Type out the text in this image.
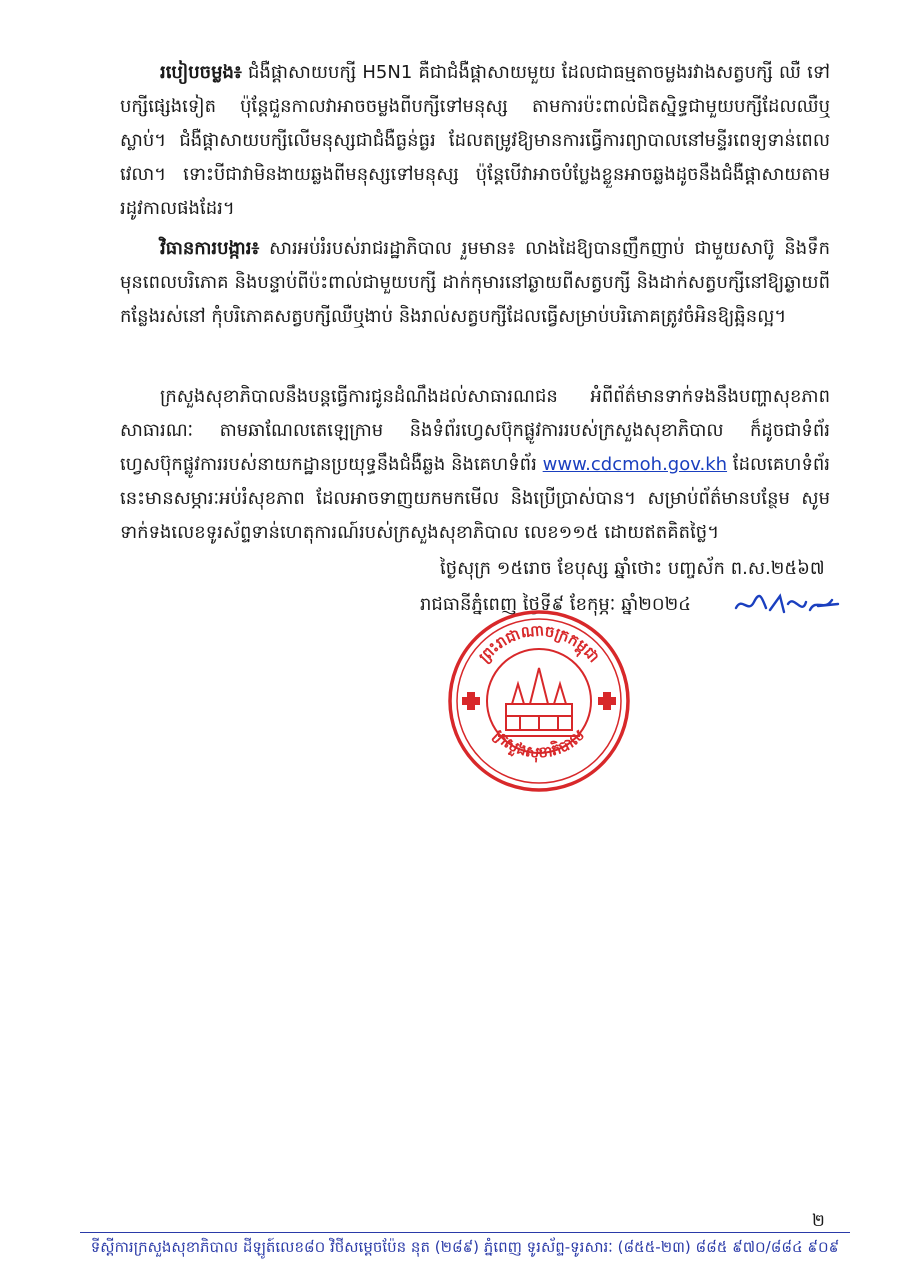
របៀបចម្លង៖ ជំងឺផ្តាសាយបក្សី H5N1 គឺជាជំងឺផ្តាសាយមួយ ដែលជាធម្មតាចម្លងរវាងសត្វបក្សី ឈឺ ទៅបក្សីផ្សេងទៀត ប៉ុន្តែជួនកាលវាអាចចម្លងពីបក្សីទៅមនុស្ស តាមការប៉ះពាល់ជិតស្និទ្ធជាមួយបក្សីដែលឈឺឬស្លាប់។ ជំងឺផ្តាសាយបក្សីលើមនុស្សជាជំងឺធ្ងន់ធ្ងរ ដែលតម្រូវឱ្យមានការធ្វើការព្យាបាលនៅមន្ទីរពេទ្យទាន់ពេលវេលា។ ទោះបីជាវាមិនងាយឆ្លងពីមនុស្សទៅមនុស្ស ប៉ុន្តែបើវាអាចបំប្លែងខ្លួនអាចឆ្លងដូចនឹងជំងឺផ្តាសាយតាមរដូវកាលផងដែរ។

វិធានការបង្ការ៖ សារអប់រំរបស់រាជរដ្ឋាភិបាល រួមមាន៖ លាងដៃឱ្យបានញឹកញាប់ ជាមួយសាប៊ូ និងទឹកមុនពេលបរិភោគ និងបន្ទាប់ពីប៉ះពាល់ជាមួយបក្សី ដាក់កុមារនៅឆ្ងាយពីសត្វបក្សី និងដាក់សត្វបក្សីនៅឱ្យឆ្ងាយពីកន្លែងរស់នៅ កុំបរិភោគសត្វបក្សីឈឺឬងាប់ និងរាល់សត្វបក្សីដែលធ្វើសម្រាប់បរិភោគត្រូវចំអិនឱ្យឆ្អិនល្អ។

ក្រសួងសុខាភិបាលនឹងបន្តធ្វើការជូនដំណឹងដល់សាធារណជន អំពីព័ត៌មានទាក់ទងនឹងបញ្ហាសុខភាពសាធារណៈ តាមឆាណែលតេឡេក្រាម និងទំព័រហ្វេសប៊ុកផ្លូវការរបស់ក្រសួងសុខាភិបាល ក៏ដូចជាទំព័រហ្វេសប៊ុកផ្លូវការរបស់នាយកដ្ឋានប្រយុទ្ធនឹងជំងឺឆ្លង និងគេហទំព័រ www.cdcmoh.gov.kh ដែលគេហទំព័រនេះមានសម្ភារៈអប់រំសុខភាព ដែលអាចទាញយកមកមើល និងប្រើប្រាស់បាន។ សម្រាប់ព័ត៌មានបន្ថែម សូមទាក់ទងលេខទូរស័ព្ទទាន់ហេតុការណ៍របស់ក្រសួងសុខាភិបាល លេខ១១៥ ដោយឥតគិតថ្លៃ។

ថ្ងៃសុក្រ ១៥រោច ខែបុស្ស ឆ្នាំថោះ បញ្ចស័ក ព.ស.២៥៦៧
រាជធានីភ្នំពេញ ថ្ងៃទី៩ ខែកុម្ភៈ ឆ្នាំ២០២៤
ព្រះរាជាណាចក្រកម្ពុជា
ក្រសួងសុខាភិបាល
២
ទីស្តីការក្រសួងសុខាភិបាល ដីឡូត៍លេខ៨០ វិថីសម្តេចប៉ែន នុត (២៨៩) ភ្នំពេញ ទូរស័ព្ទ-ទូរសារៈ (៨៥៥-២៣) ៨៨៥ ៩៧០/៨៨៤ ៩០៩
